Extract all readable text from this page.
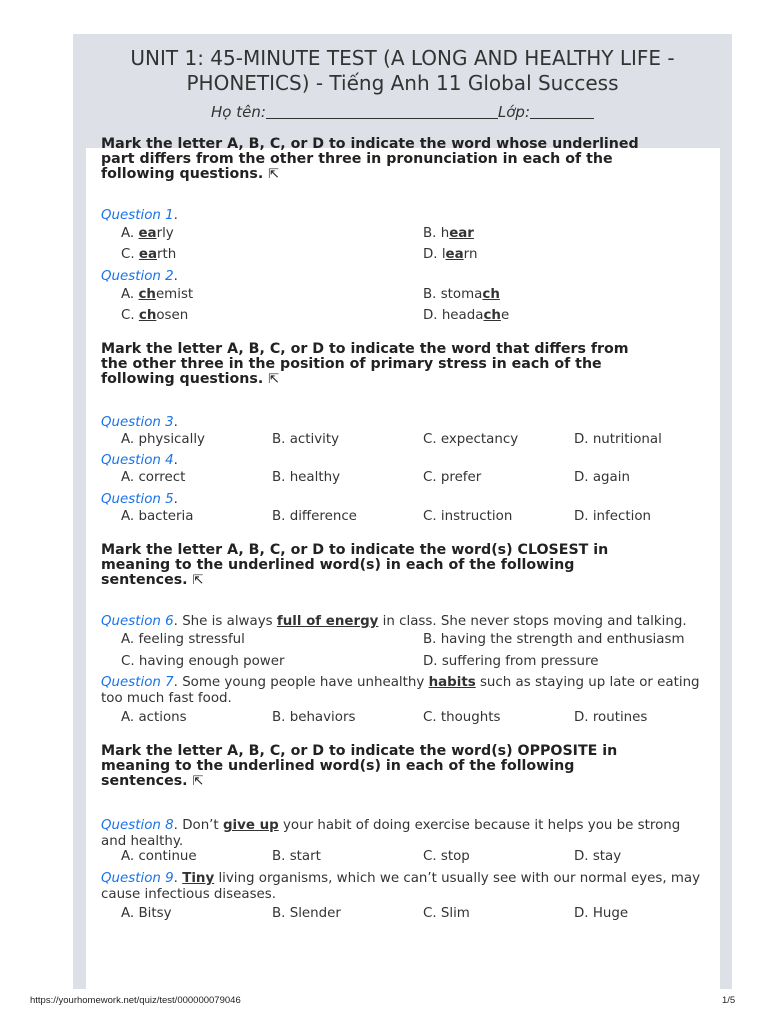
UNIT 1: 45-MINUTE TEST (A LONG AND HEALTHY LIFE -
PHONETICS) - Tiếng Anh 11 Global Success
Họ tên:	Lớp:
Mark the letter A, B, C, or D to indicate the word whose underlined
part differs from the other three in pronunciation in each of the
following questions. ⇱
Question 1.
A. early	B. hear
C. earth	D. learn
Question 2.
A. chemist	B. stomach
C. chosen	D. headаche
Mark the letter A, B, C, or D to indicate the word that differs from
the other three in the position of primary stress in each of the
following questions. ⇱
Question 3.
A. physically	B. activity	C. expectancy	D. nutritional
Question 4.
A. correct	B. healthy	C. prefer	D. again
Question 5.
A. bacteria	B. difference	C. instruction	D. infection
Mark the letter A, B, C, or D to indicate the word(s) CLOSEST in
meaning to the underlined word(s) in each of the following
sentences. ⇱
Question 6. She is always full of energy in class. She never stops moving and talking.
A. feeling stressful	B. having the strength and enthusiasm
C. having enough power	D. suffering from pressure
Question 7. Some young people have unhealthy habits such as staying up late or eating
too much fast food.
A. actions	B. behaviors	C. thoughts	D. routines
Mark the letter A, B, C, or D to indicate the word(s) OPPOSITE in
meaning to the underlined word(s) in each of the following
sentences. ⇱
Question 8. Don’t give up your habit of doing exercise because it helps you be strong
and healthy.
A. continue	B. start	C. stop	D. stay
Question 9. Tiny living organisms, which we can’t usually see with our normal eyes, may
cause infectious diseases.
A. Bitsy	B. Slender	C. Slim	D. Huge
https://yourhomework.net/quiz/test/000000079046	1/5
